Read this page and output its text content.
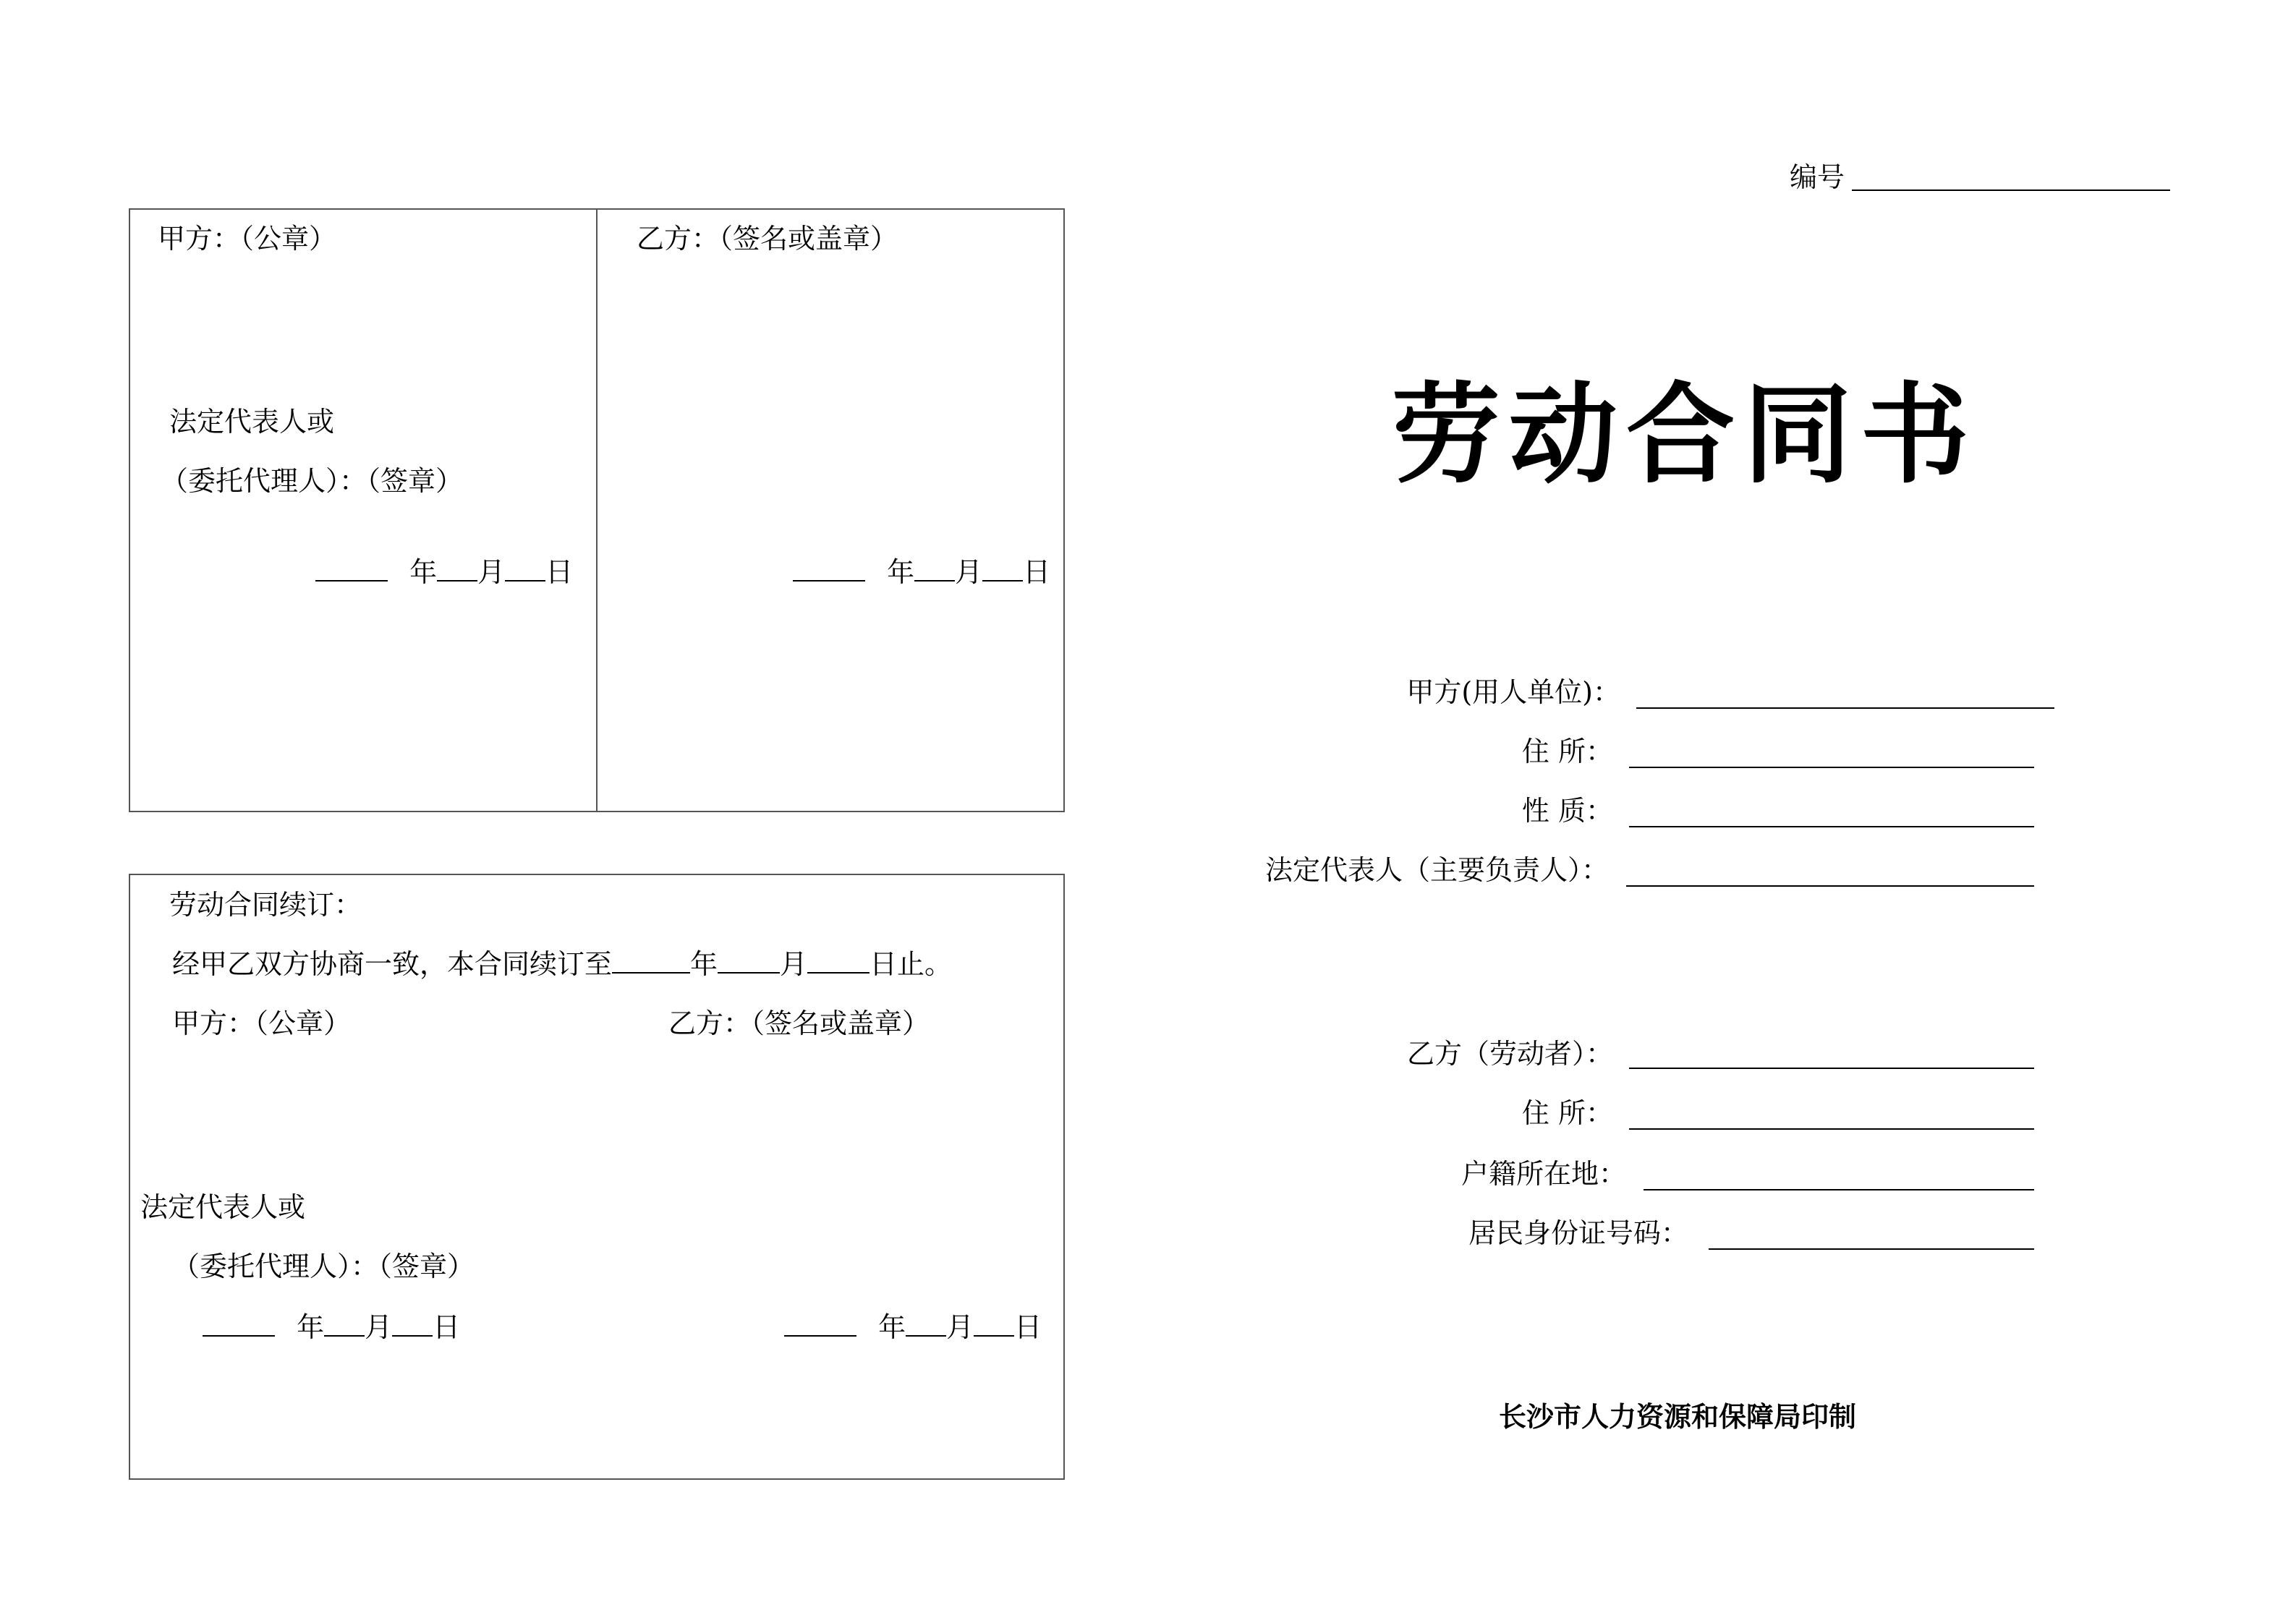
甲方：（公章）	乙方：（签名或盖章）
法定代表人或
（委托代理人）：（签章）
年 月 日	年 月 日
劳动合同续订：
经甲乙双方协商一致，本合同续订至	年 月 日止。
甲方：（公章）	乙方：（签名或盖章）
法定代表人或
（委托代理人）：（签章）
年 月 日	年 月 日
编号
劳动合同书
甲方(用人单位)：
住 所：
性 质：
法定代表人（主要负责人）：
乙方（劳动者）：
住 所：
户籍所在地：
居民身份证号码：
长沙市人力资源和保障局印制
